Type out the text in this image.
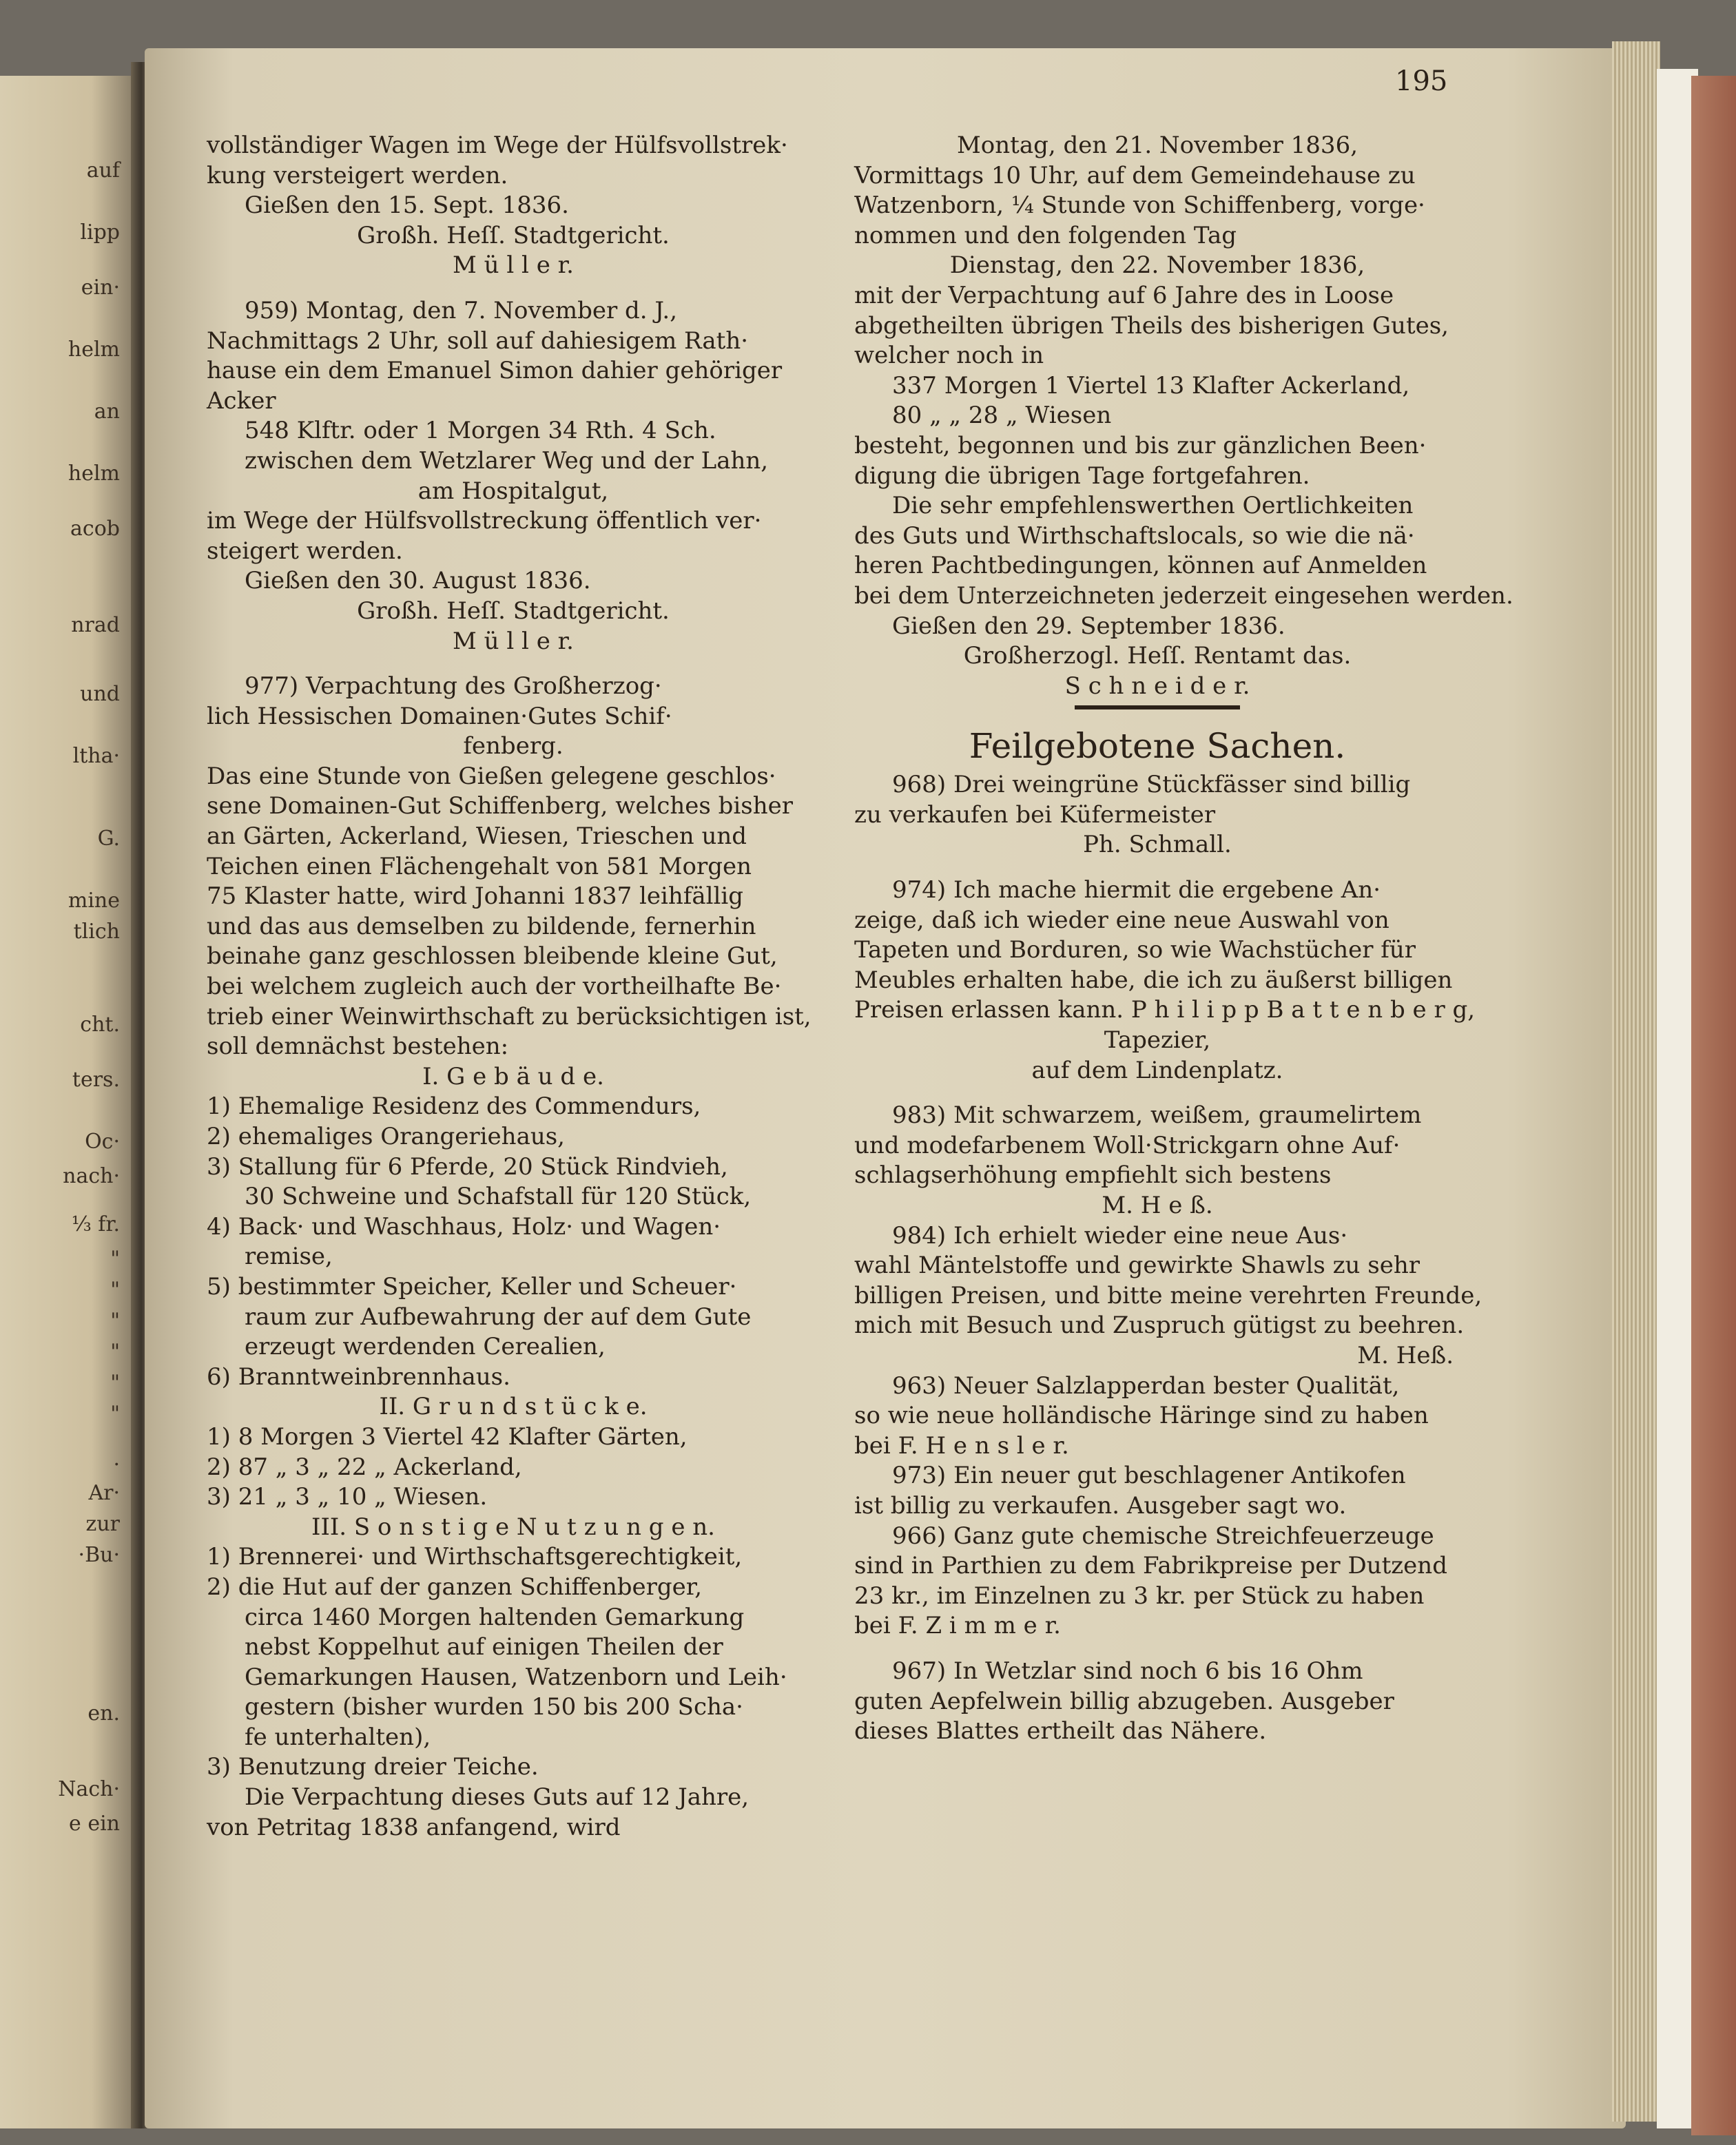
auf
lipp
ein·
helm
an
helm
acob
nrad
und
ltha·
G.
mine
tlich
cht.
ters.
Oc·
nach·
⅓ fr.
"
"
"
"
"
"
.
Ar·
zur
·Bu·
en.
Nach·
e ein
195
vollständiger Wagen im Wege der Hülfsvollstrek·
kung versteigert werden.
Gießen den 15. Sept. 1836.
Großh. Heſſ. Stadtgericht.
M ü l l e r.
959) Montag, den 7. November d. J.,
Nachmittags 2 Uhr, soll auf dahiesigem Rath·
hause ein dem Emanuel Simon dahier gehöriger
Acker
548 Klftr. oder 1 Morgen 34 Rth. 4 Sch.
zwischen dem Wetzlarer Weg und der Lahn,
am Hospitalgut,
im Wege der Hülfsvollstreckung öffentlich ver·
steigert werden.
Gießen den 30. August 1836.
Großh. Heſſ. Stadtgericht.
M ü l l e r.
977) Verpachtung des Großherzog·
lich Hessischen Domainen·Gutes Schif·
fenberg.
Das eine Stunde von Gießen gelegene geschlos·
sene Domainen-Gut Schiffenberg, welches bisher
an Gärten, Ackerland, Wiesen, Trieschen und
Teichen einen Flächengehalt von 581 Morgen
75 Klaster hatte, wird Johanni 1837 leihfällig
und das aus demselben zu bildende, fernerhin
beinahe ganz geschlossen bleibende kleine Gut,
bei welchem zugleich auch der vortheilhafte Be·
trieb einer Weinwirthschaft zu berücksichtigen ist,
soll demnächst bestehen:
I. G e b ä u d e.
1) Ehemalige Residenz des Commendurs,
2) ehemaliges Orangeriehaus,
3) Stallung für 6 Pferde, 20 Stück Rindvieh,
30 Schweine und Schafstall für 120 Stück,
4) Back· und Waschhaus, Holz· und Wagen·
remise,
5) bestimmter Speicher, Keller und Scheuer·
raum zur Aufbewahrung der auf dem Gute
erzeugt werdenden Cerealien,
6) Branntweinbrennhaus.
II. G r u n d s t ü c k e.
1) 8 Morgen 3 Viertel 42 Klafter Gärten,
2) 87 „ 3 „ 22 „ Ackerland,
3) 21 „ 3 „ 10 „ Wiesen.
III. S o n s t i g e N u t z u n g e n.
1) Brennerei· und Wirthschaftsgerechtigkeit,
2) die Hut auf der ganzen Schiffenberger,
circa 1460 Morgen haltenden Gemarkung
nebst Koppelhut auf einigen Theilen der
Gemarkungen Hausen, Watzenborn und Leih·
gestern (bisher wurden 150 bis 200 Scha·
fe unterhalten),
3) Benutzung dreier Teiche.
Die Verpachtung dieses Guts auf 12 Jahre,
von Petritag 1838 anfangend, wird
Montag, den 21. November 1836,
Vormittags 10 Uhr, auf dem Gemeindehause zu
Watzenborn, ¼ Stunde von Schiffenberg, vorge·
nommen und den folgenden Tag
Dienstag, den 22. November 1836,
mit der Verpachtung auf 6 Jahre des in Loose
abgetheilten übrigen Theils des bisherigen Gutes,
welcher noch in
337 Morgen 1 Viertel 13 Klafter Ackerland,
80 „ „ 28 „ Wiesen
besteht, begonnen und bis zur gänzlichen Been·
digung die übrigen Tage fortgefahren.
Die sehr empfehlenswerthen Oertlichkeiten
des Guts und Wirthschaftslocals, so wie die nä·
heren Pachtbedingungen, können auf Anmelden
bei dem Unterzeichneten jederzeit eingesehen werden.
Gießen den 29. September 1836.
Großherzogl. Heſſ. Rentamt das.
S c h n e i d e r.
Feilgebotene Sachen.
968) Drei weingrüne Stückfässer sind billig
zu verkaufen bei Küfermeister
Ph. Schmall.
974) Ich mache hiermit die ergebene An·
zeige, daß ich wieder eine neue Auswahl von
Tapeten und Borduren, so wie Wachstücher für
Meubles erhalten habe, die ich zu äußerst billigen
Preisen erlassen kann. P h i l i p p B a t t e n b e r g,
Tapezier,
auf dem Lindenplatz.
983) Mit schwarzem, weißem, graumelirtem
und modefarbenem Woll·Strickgarn ohne Auf·
schlagserhöhung empfiehlt sich bestens
M. H e ß.
984) Ich erhielt wieder eine neue Aus·
wahl Mäntelstoffe und gewirkte Shawls zu sehr
billigen Preisen, und bitte meine verehrten Freunde,
mich mit Besuch und Zuspruch gütigst zu beehren.
M. Heß.
963) Neuer Salzlapperdan bester Qualität,
so wie neue holländische Häringe sind zu haben
bei F. H e n s l e r.
973) Ein neuer gut beschlagener Antikofen
ist billig zu verkaufen. Ausgeber sagt wo.
966) Ganz gute chemische Streichfeuerzeuge
sind in Parthien zu dem Fabrikpreise per Dutzend
23 kr., im Einzelnen zu 3 kr. per Stück zu haben
bei F. Z i m m e r.
967) In Wetzlar sind noch 6 bis 16 Ohm
guten Aepfelwein billig abzugeben. Ausgeber
dieses Blattes ertheilt das Nähere.
